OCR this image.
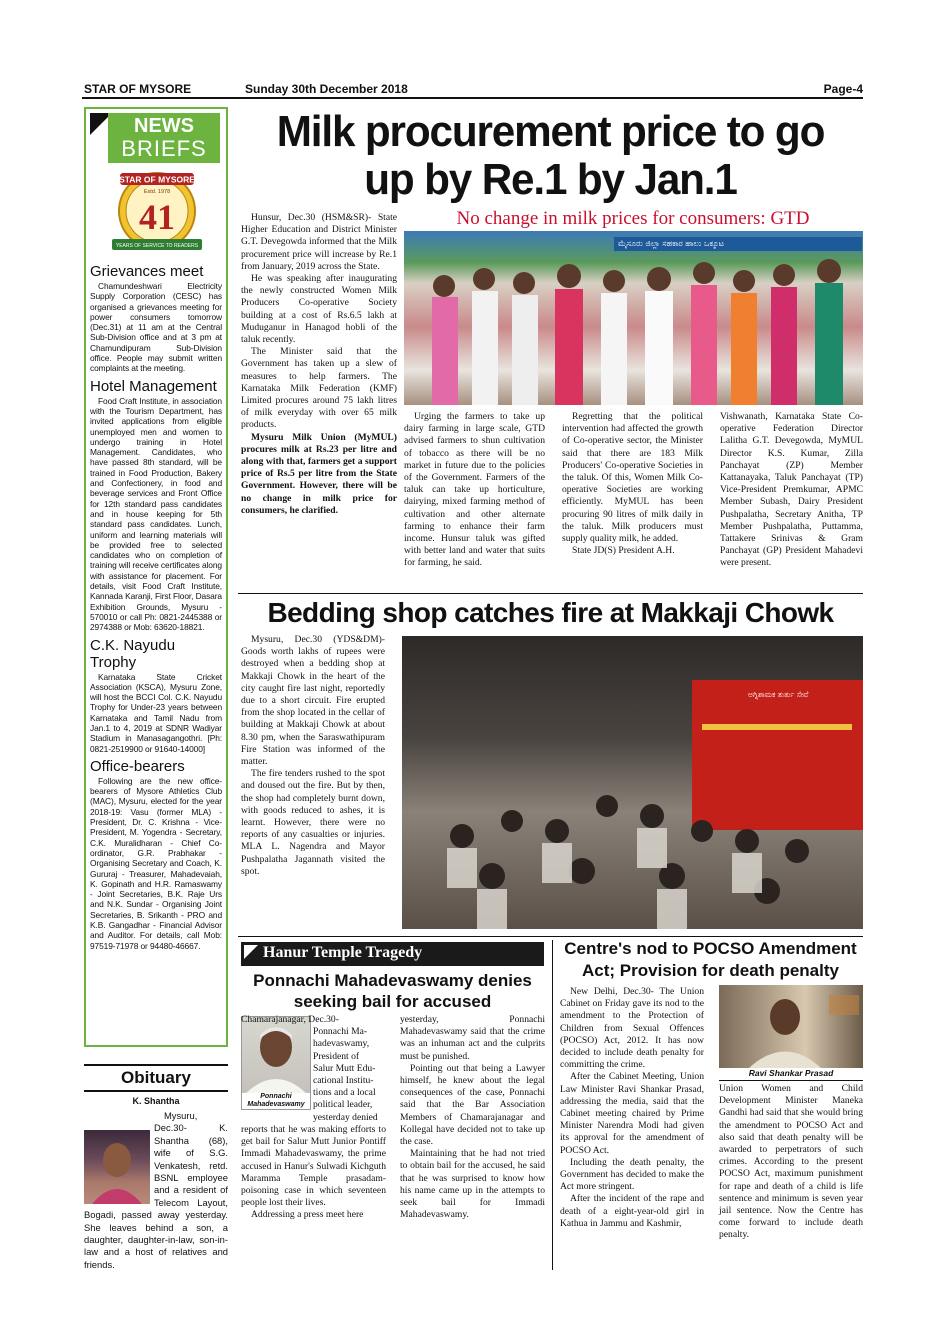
STAR OF MYSORE	Sunday 30th December 2018	Page-4
NEWS
BRIEFS
STAR OF MYSORE
Estd. 1978
41
YEARS OF SERVICE TO READERS
Grievances meet

Chamundeshwari Electricity Supply Corporation (CESC) has organised a grievances meeting for power consumers tomorrow (Dec.31) at 11 am at the Central Sub-Division office and at 3 pm at Chamundipuram Sub-Division office. People may submit written complaints at the meeting.

Hotel Management

Food Craft Institute, in association with the Tourism Department, has invited applications from eligible unemployed men and women to undergo training in Hotel Management. Candidates, who have passed 8th standard, will be trained in Food Production, Bakery and Confectionery, in food and beverage services and Front Office for 12th standard pass candidates and in house keeping for 5th standard pass candidates. Lunch, uniform and learning materials will be provided free to selected candidates who on completion of training will receive certificates along with assistance for placement. For details, visit Food Craft Institute, Kannada Karanji, First Floor, Dasara Exhibition Grounds, Mysuru - 570010 or call Ph: 0821-2445388 or 2974388 or Mob: 63620-18821.

C.K. Nayudu Trophy

Karnataka State Cricket Association (KSCA), Mysuru Zone, will host the BCCI Col. C.K. Nayudu Trophy for Under-23 years between Karnataka and Tamil Nadu from Jan.1 to 4, 2019 at SDNR Wadiyar Stadium in Manasagangothri. [Ph: 0821-2519900 or 91640-14000]

Office-bearers

Following are the new office-bearers of Mysore Athletics Club (MAC), Mysuru, elected for the year 2018-19: Vasu (former MLA) - President, Dr. C. Krishna - Vice-President, M. Yogendra - Secretary, C.K. Muralidharan - Chief Co-ordinator, G.R. Prabhakar - Organising Secretary and Coach, K. Gururaj - Treasurer, Mahadevaiah, K. Gopinath and H.R. Ramaswamy - Joint Secretaries, B.K. Raje Urs and N.K. Sundar - Organising Joint Secretaries, B. Srikanth - PRO and K.B. Gangadhar - Financial Advisor and Auditor. For details, call Mob: 97519-71978 or 94480-46667.

Obituary
K. Shantha

Mysuru, Dec.30- K. Shantha (68), wife of S.G. Venkatesh, retd. BSNL employee and a resident of Telecom Layout, Bogadi, passed away yesterday. She leaves behind a son, a daughter, daughter-in-law, son-in-law and a host of relatives and friends.

Milk procurement price to go
up by Re.1 by Jan.1
No change in milk prices for consumers: GTD

Hunsur, Dec.30 (HSM&SR)- State Higher Education and District Minister G.T. Devegowda informed that the Milk procurement price will increase by Re.1 from January, 2019 across the State.

He was speaking after inaugurating the newly constructed Women Milk Producers Co-operative Society building at a cost of Rs.6.5 lakh at Muduganur in Hanagod hobli of the taluk recently.

The Minister said that the Government has taken up a slew of measures to help farmers. The Karnataka Milk Federation (KMF) Limited procures around 75 lakh litres of milk everyday with over 65 milk products.

Mysuru Milk Union (MyMUL) procures milk at Rs.23 per litre and along with that, farmers get a support price of Rs.5 per litre from the State Government. However, there will be no change in milk price for consumers, he clarified.

ಮೈಸೂರು ಜಿಲ್ಲಾ ಸಹಕಾರ ಹಾಲು ಒಕ್ಕೂಟ

Urging the farmers to take up dairy farming in large scale, GTD advised farmers to shun cultivation of tobacco as there will be no market in future due to the policies of the Government. Farmers of the taluk can take up horticulture, dairying, mixed farming method of cultivation and other alternate farming to enhance their farm income. Hunsur taluk was gifted with better land and water that suits for farming, he said.

Regretting that the political intervention had affected the growth of Co-operative sector, the Minister said that there are 183 Milk Producers' Co-operative Societies in the taluk. Of this, Women Milk Co-operative Societies are working efficiently. MyMUL has been procuring 90 litres of milk daily in the taluk. Milk producers must supply quality milk, he added.

State JD(S) President A.H.

Vishwanath, Karnataka State Co-operative Federation Director Lalitha G.T. Devegowda, MyMUL Director K.S. Kumar, Zilla Panchayat (ZP) Member Kattanayaka, Taluk Panchayat (TP) Vice-President Premkumar, APMC Member Subash, Dairy President Pushpalatha, Secretary Anitha, TP Member Pushpalatha, Puttamma, Tattakere Srinivas & Gram Panchayat (GP) President Mahadevi were present.

Bedding shop catches fire at Makkaji Chowk

Mysuru, Dec.30 (YDS&DM)- Goods worth lakhs of rupees were destroyed when a bedding shop at Makkaji Chowk in the heart of the city caught fire last night, reportedly due to a short circuit. Fire erupted from the shop located in the cellar of building at Makkaji Chowk at about 8.30 pm, when the Saraswathipuram Fire Station was informed of the matter.

The fire tenders rushed to the spot and doused out the fire. But by then, the shop had completely burnt down, with goods reduced to ashes, it is learnt. However, there were no reports of any casualties or injuries. MLA L. Nagendra and Mayor Pushpalatha Jagannath visited the spot.

ಅಗ್ನಿಶಾಮಕ ತುರ್ತು ಸೇವೆ
Hanur Temple Tragedy
Ponnachi Mahadevaswamy denies
seeking bail for accused
Ponnachi
Mahadevaswamy
Chamarajanagar, Dec.30-
Ponnachi Ma-
hadevaswamy,
President of
Salur Mutt Edu-
cational Institu-
tions and a local
political leader,
yesterday denied

reports that he was making efforts to get bail for Salur Mutt Junior Pontiff Immadi Mahadevaswamy, the prime accused in Hanur's Sulwadi Kichguth Maramma Temple prasadam-poisoning case in which seventeen people lost their lives.

Addressing a press meet here

yesterday, Ponnachi Mahadevaswamy said that the crime was an inhuman act and the culprits must be punished.

Pointing out that being a Lawyer himself, he knew about the legal consequences of the case, Ponnachi said that the Bar Association Members of Chamarajanagar and Kollegal have decided not to take up the case.

Maintaining that he had not tried to obtain bail for the accused, he said that he was surprised to know how his name came up in the attempts to seek bail for Immadi Mahadevaswamy.

Centre's nod to POCSO Amendment
Act; Provision for death penalty

New Delhi, Dec.30- The Union Cabinet on Friday gave its nod to the amendment to the Protection of Children from Sexual Offences (POCSO) Act, 2012. It has now decided to include death penalty for committing the crime.

After the Cabinet Meeting, Union Law Minister Ravi Shankar Prasad, addressing the media, said that the Cabinet meeting chaired by Prime Minister Narendra Modi had given its approval for the amendment of POCSO Act.

Including the death penalty, the Government has decided to make the Act more stringent.

After the incident of the rape and death of a eight-year-old girl in Kathua in Jammu and Kashmir,

Ravi Shankar Prasad

Union Women and Child Development Minister Maneka Gandhi had said that she would bring the amendment to POCSO Act and also said that death penalty will be awarded to perpetrators of such crimes. According to the present POCSO Act, maximum punishment for rape and death of a child is life sentence and minimum is seven year jail sentence. Now the Centre has come forward to include death penalty.
